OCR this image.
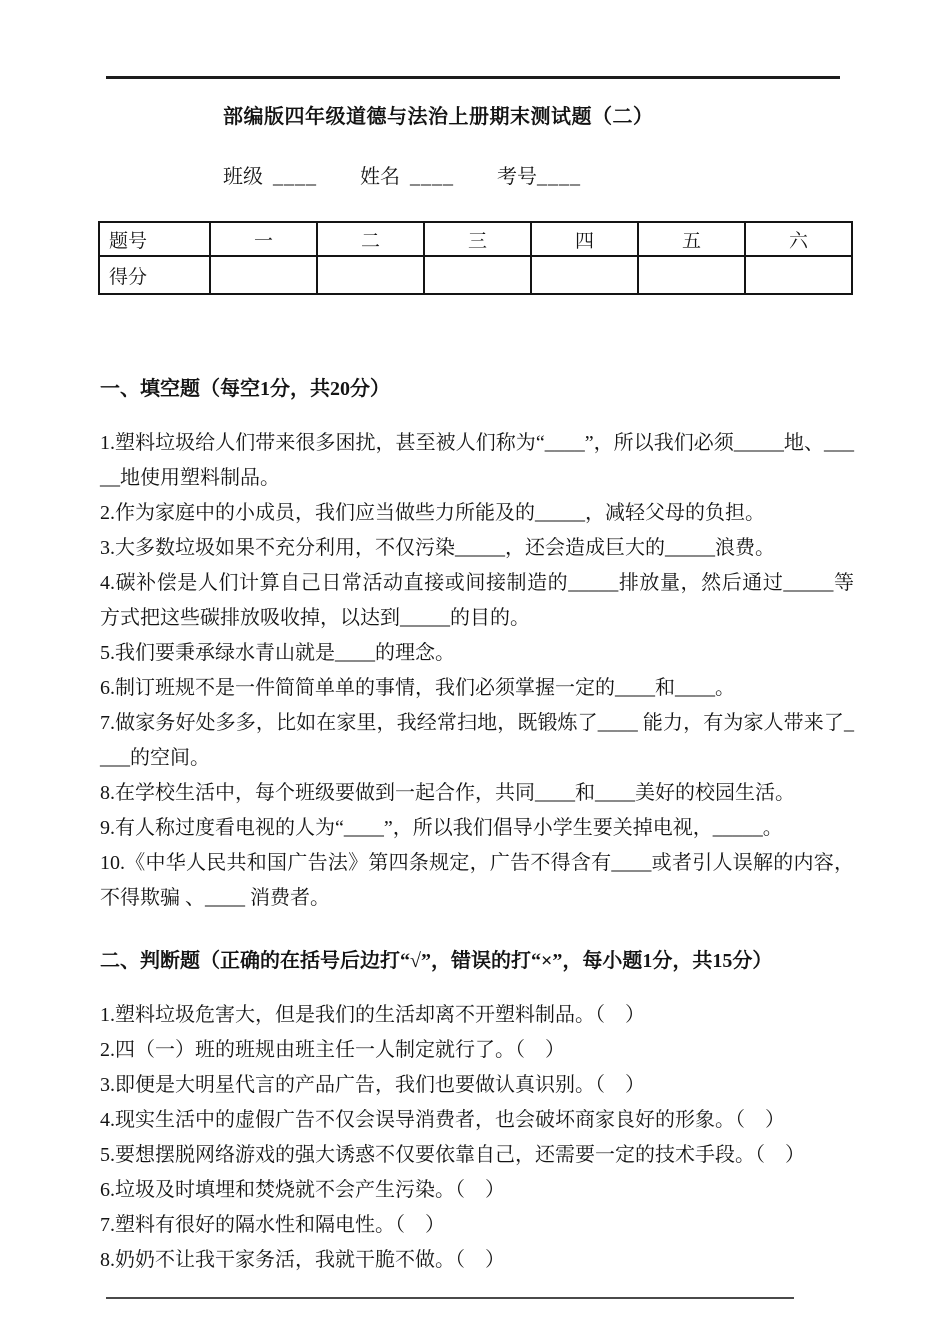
部编版四年级道德与法治上册期末测试题（二）
班级 ____ 姓名 ____ 考号____
题号	一	二	三	四	五	六
得分						
一、填空题（每空1分，共20分）

1.塑料垃圾给人们带来很多困扰，甚至被人们称为“____”，所以我们必须_____地、_____地使用塑料制品。

2.作为家庭中的小成员，我们应当做些力所能及的_____，减轻父母的负担。

3.大多数垃圾如果不充分利用，不仅污染_____，还会造成巨大的_____浪费。

4.碳补偿是人们计算自己日常活动直接或间接制造的_____排放量，然后通过_____等方式把这些碳排放吸收掉，以达到_____的目的。

5.我们要秉承绿水青山就是____的理念。

6.制订班规不是一件简简单单的事情，我们必须掌握一定的____和____。

7.做家务好处多多，比如在家里，我经常扫地，既锻炼了____ 能力，有为家人带来了____的空间。

8.在学校生活中，每个班级要做到一起合作，共同____和____美好的校园生活。

9.有人称过度看电视的人为“____”，所以我们倡导小学生要关掉电视，_____。

10.《中华人民共和国广告法》第四条规定，广告不得含有____或者引人误解的内容，不得欺骗 、____ 消费者。

二、判断题（正确的在括号后边打“√”，错误的打“×”，每小题1分，共15分）

1.塑料垃圾危害大，但是我们的生活却离不开塑料制品。（　）

2.四（一）班的班规由班主任一人制定就行了。（　）

3.即便是大明星代言的产品广告，我们也要做认真识别。（　）

4.现实生活中的虚假广告不仅会误导消费者，也会破坏商家良好的形象。（　）

5.要想摆脱网络游戏的强大诱惑不仅要依靠自己，还需要一定的技术手段。（　）

6.垃圾及时填埋和焚烧就不会产生污染。（　）

7.塑料有很好的隔水性和隔电性。（　）

8.奶奶不让我干家务活，我就干脆不做。（　）
